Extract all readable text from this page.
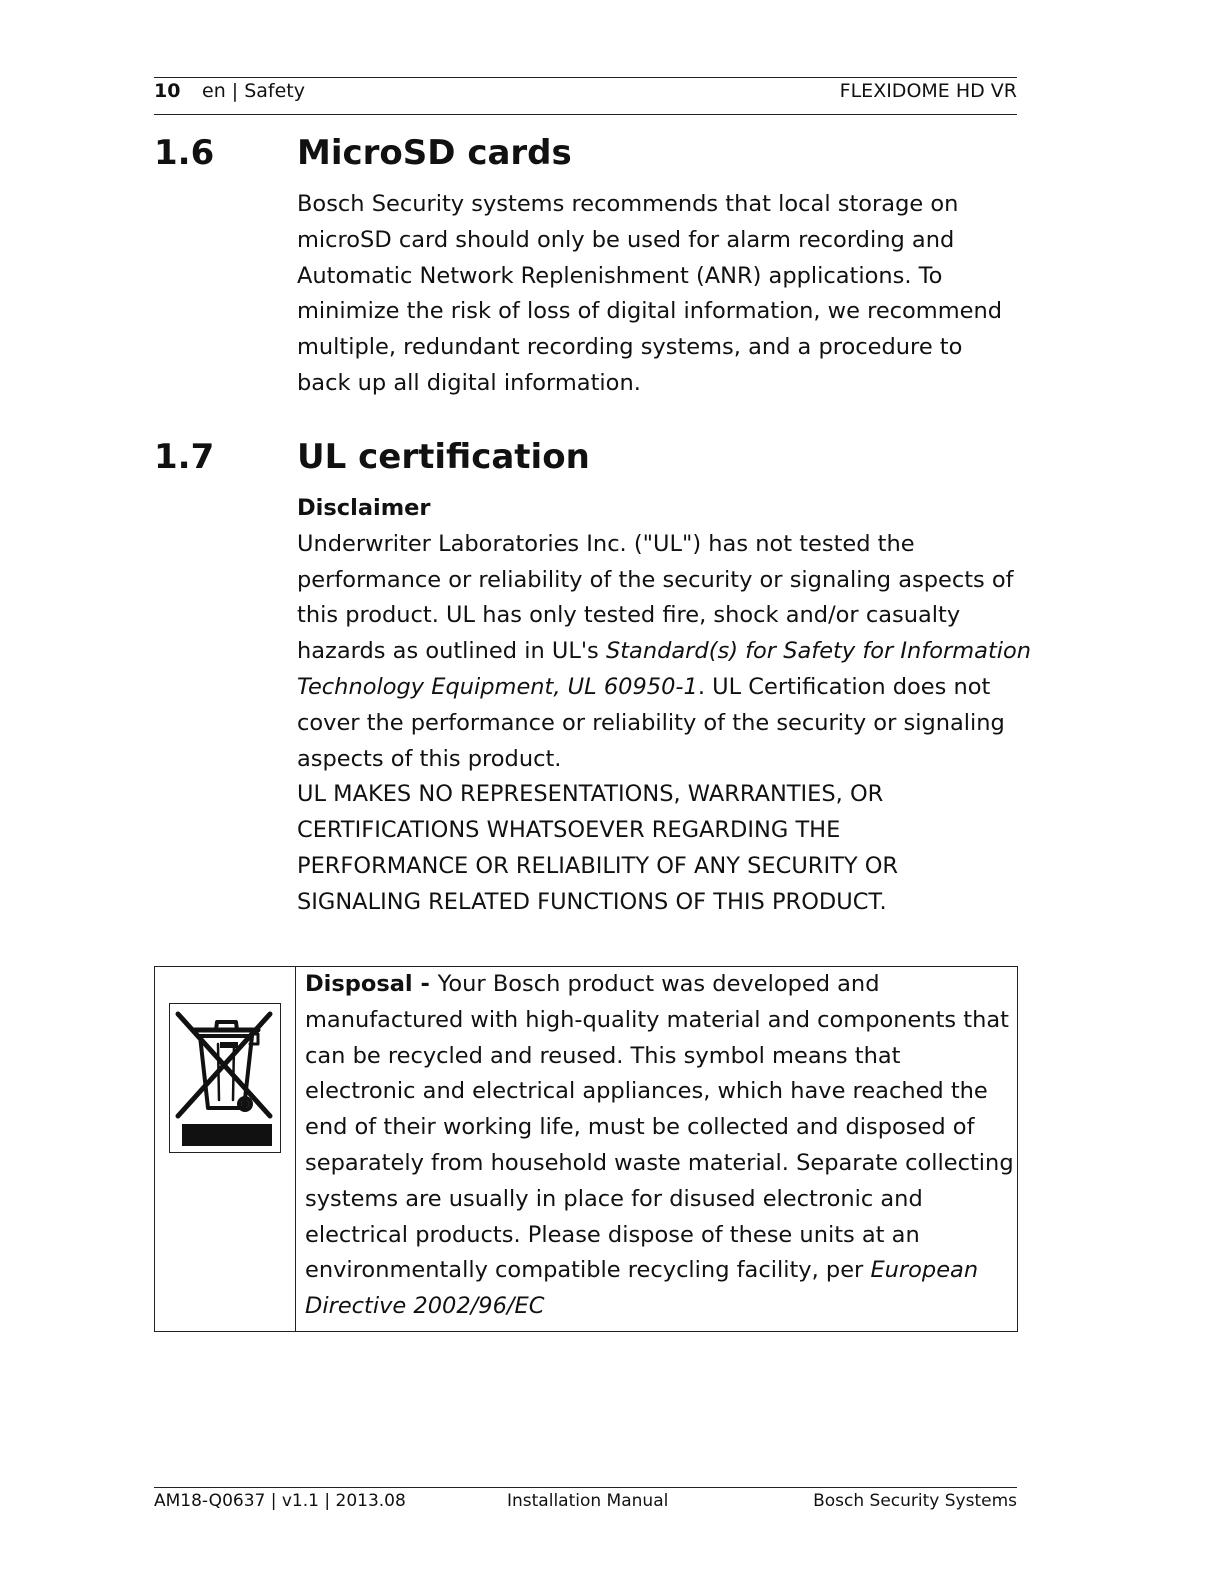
10 en | Safety	FLEXIDOME HD VR
1.6 MicroSD cards
Bosch Security systems recommends that local storage on
microSD card should only be used for alarm recording and
Automatic Network Replenishment (ANR) applications. To
minimize the risk of loss of digital information, we recommend
multiple, redundant recording systems, and a procedure to
back up all digital information.
1.7 UL certification
Disclaimer
Underwriter Laboratories Inc. ("UL") has not tested the
performance or reliability of the security or signaling aspects of
this product. UL has only tested fire, shock and/or casualty
hazards as outlined in UL's Standard(s) for Safety for Information
Technology Equipment, UL 60950-1. UL Certification does not
cover the performance or reliability of the security or signaling
aspects of this product.
UL MAKES NO REPRESENTATIONS, WARRANTIES, OR
CERTIFICATIONS WHATSOEVER REGARDING THE
PERFORMANCE OR RELIABILITY OF ANY SECURITY OR
SIGNALING RELATED FUNCTIONS OF THIS PRODUCT.
Disposal - Your Bosch product was developed and
manufactured with high-quality material and components that
can be recycled and reused. This symbol means that
electronic and electrical appliances, which have reached the
end of their working life, must be collected and disposed of
separately from household waste material. Separate collecting
systems are usually in place for disused electronic and
electrical products. Please dispose of these units at an
environmentally compatible recycling facility, per European
Directive 2002/96/EC
AM18-Q0637 | v1.1 | 2013.08	Installation Manual	Bosch Security Systems
